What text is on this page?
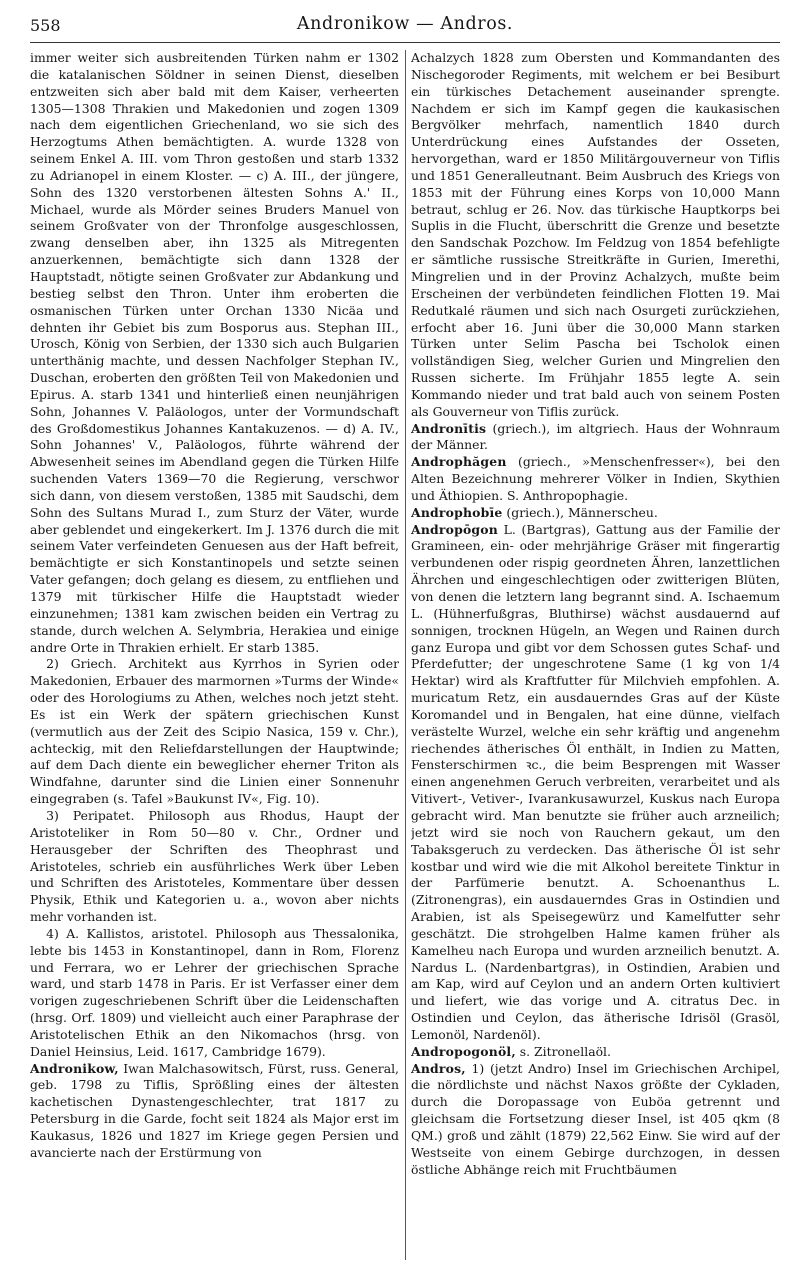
558	Andronikow — Andros.

immer weiter sich ausbreitenden Türken nahm er 1302 die katalanischen Söldner in seinen Dienst, dieselben entzweiten sich aber bald mit dem Kaiser, verheerten 1305—1308 Thrakien und Makedonien und zogen 1309 nach dem eigentlichen Griechenland, wo sie sich des Herzogtums Athen bemächtigten. A. wurde 1328 von seinem Enkel A. III. vom Thron gestoßen und starb 1332 zu Adrianopel in einem Kloster. — c) A. III., der jüngere, Sohn des 1320 verstorbenen ältesten Sohns A.' II., Michael, wurde als Mörder seines Bruders Manuel von seinem Großvater von der Thronfolge ausgeschlossen, zwang denselben aber, ihn 1325 als Mitregenten anzuerkennen, bemächtigte sich dann 1328 der Hauptstadt, nötigte seinen Großvater zur Abdankung und bestieg selbst den Thron. Unter ihm eroberten die osmanischen Türken unter Orchan 1330 Nicäa und dehnten ihr Gebiet bis zum Bosporus aus. Stephan III., Urosch, König von Serbien, der 1330 sich auch Bulgarien unterthänig machte, und dessen Nachfolger Stephan IV., Duschan, eroberten den größten Teil von Makedonien und Epirus. A. starb 1341 und hinterließ einen neunjährigen Sohn, Johannes V. Paläologos, unter der Vormundschaft des Großdomestikus Johannes Kantakuzenos. — d) A. IV., Sohn Johannes' V., Paläologos, führte während der Abwesenheit seines im Abendland gegen die Türken Hilfe suchenden Vaters 1369—70 die Regierung, verschwor sich dann, von diesem verstoßen, 1385 mit Saudschi, dem Sohn des Sultans Murad I., zum Sturz der Väter, wurde aber geblendet und eingekerkert. Im J. 1376 durch die mit seinem Vater verfeindeten Genuesen aus der Haft befreit, bemächtigte er sich Konstantinopels und setzte seinen Vater gefangen; doch gelang es diesem, zu entfliehen und 1379 mit türkischer Hilfe die Hauptstadt wieder einzunehmen; 1381 kam zwischen beiden ein Vertrag zu stande, durch welchen A. Selymbria, Herakiea und einige andre Orte in Thrakien erhielt. Er starb 1385.

2) Griech. Architekt aus Kyrrhos in Syrien oder Makedonien, Erbauer des marmornen »Turms der Winde« oder des Horologiums zu Athen, welches noch jetzt steht. Es ist ein Werk der spätern griechischen Kunst (vermutlich aus der Zeit des Scipio Nasica, 159 v. Chr.), achteckig, mit den Reliefdarstellungen der Hauptwinde; auf dem Dach diente ein beweglicher eherner Triton als Windfahne, darunter sind die Linien einer Sonnenuhr eingegraben (s. Tafel »Baukunst IV«, Fig. 10).

3) Peripatet. Philosoph aus Rhodus, Haupt der Aristoteliker in Rom 50—80 v. Chr., Ordner und Herausgeber der Schriften des Theophrast und Aristoteles, schrieb ein ausführliches Werk über Leben und Schriften des Aristoteles, Kommentare über dessen Physik, Ethik und Kategorien u. a., wovon aber nichts mehr vorhanden ist.

4) A. Kallistos, aristotel. Philosoph aus Thessalonika, lebte bis 1453 in Konstantinopel, dann in Rom, Florenz und Ferrara, wo er Lehrer der griechischen Sprache ward, und starb 1478 in Paris. Er ist Verfasser einer dem vorigen zugeschriebenen Schrift über die Leidenschaften (hrsg. Orf. 1809) und vielleicht auch einer Paraphrase der Aristotelischen Ethik an den Nikomachos (hrsg. von Daniel Heinsius, Leid. 1617, Cambridge 1679).

Andronikow, Iwan Malchasowitsch, Fürst, russ. General, geb. 1798 zu Tiflis, Sprößling eines der ältesten kachetischen Dynastengeschlechter, trat 1817 zu Petersburg in die Garde, focht seit 1824 als Major erst im Kaukasus, 1826 und 1827 im Kriege gegen Persien und avancierte nach der Erstürmung von

Achalzych 1828 zum Obersten und Kommandanten des Nischegoroder Regiments, mit welchem er bei Besiburt ein türkisches Detachement auseinander sprengte. Nachdem er sich im Kampf gegen die kaukasischen Bergvölker mehrfach, namentlich 1840 durch Unterdrückung eines Aufstandes der Osseten, hervorgethan, ward er 1850 Militärgouverneur von Tiflis und 1851 Generalleutnant. Beim Ausbruch des Kriegs von 1853 mit der Führung eines Korps von 10,000 Mann betraut, schlug er 26. Nov. das türkische Hauptkorps bei Suplis in die Flucht, überschritt die Grenze und besetzte den Sandschak Pozchow. Im Feldzug von 1854 befehligte er sämtliche russische Streitkräfte in Gurien, Imerethi, Mingrelien und in der Provinz Achalzych, mußte beim Erscheinen der verbündeten feindlichen Flotten 19. Mai Redutkalé räumen und sich nach Osurgeti zurückziehen, erfocht aber 16. Juni über die 30,000 Mann starken Türken unter Selim Pascha bei Tscholok einen vollständigen Sieg, welcher Gurien und Mingrelien den Russen sicherte. Im Frühjahr 1855 legte A. sein Kommando nieder und trat bald auch von seinem Posten als Gouverneur von Tiflis zurück.

Andronītis (griech.), im altgriech. Haus der Wohnraum der Männer.

Androphăgen (griech., »Menschenfresser«), bei den Alten Bezeichnung mehrerer Völker in Indien, Skythien und Äthiopien. S. Anthropophagie.

Androphobīe (griech.), Männerscheu.

Andropōgon L. (Bartgras), Gattung aus der Familie der Gramineen, ein- oder mehrjährige Gräser mit fingerartig verbundenen oder rispig geordneten Ähren, lanzettlichen Ährchen und eingeschlechtigen oder zwitterigen Blüten, von denen die letztern lang begrannt sind. A. Ischaemum L. (Hühnerfußgras, Bluthirse) wächst ausdauernd auf sonnigen, trocknen Hügeln, an Wegen und Rainen durch ganz Europa und gibt vor dem Schossen gutes Schaf- und Pferdefutter; der ungeschrotene Same (1 kg von 1/4 Hektar) wird als Kraftfutter für Milchvieh empfohlen. A. muricatum Retz, ein ausdauerndes Gras auf der Küste Koromandel und in Bengalen, hat eine dünne, vielfach verästelte Wurzel, welche ein sehr kräftig und angenehm riechendes ätherisches Öl enthält, in Indien zu Matten, Fensterschirmen ꝛc., die beim Besprengen mit Wasser einen angenehmen Geruch verbreiten, verarbeitet und als Vitivert-, Vetiver-, Ivarankusawurzel, Kuskus nach Europa gebracht wird. Man benutzte sie früher auch arzneilich; jetzt wird sie noch von Rauchern gekaut, um den Tabaksgeruch zu verdecken. Das ätherische Öl ist sehr kostbar und wird wie die mit Alkohol bereitete Tinktur in der Parfümerie benutzt. A. Schoenanthus L. (Zitronengras), ein ausdauerndes Gras in Ostindien und Arabien, ist als Speisegewürz und Kamelfutter sehr geschätzt. Die strohgelben Halme kamen früher als Kamelheu nach Europa und wurden arzneilich benutzt. A. Nardus L. (Nardenbartgras), in Ostindien, Arabien und am Kap, wird auf Ceylon und an andern Orten kultiviert und liefert, wie das vorige und A. citratus Dec. in Ostindien und Ceylon, das ätherische Idrisöl (Grasöl, Lemonöl, Nardenöl).

Andropogonöl, s. Zitronellaöl.

Andros, 1) (jetzt Andro) Insel im Griechischen Archipel, die nördlichste und nächst Naxos größte der Cykladen, durch die Doropassage von Euböa getrennt und gleichsam die Fortsetzung dieser Insel, ist 405 qkm (8 QM.) groß und zählt (1879) 22,562 Einw. Sie wird auf der Westseite von einem Gebirge durchzogen, in dessen östliche Abhänge reich mit Fruchtbäumen
